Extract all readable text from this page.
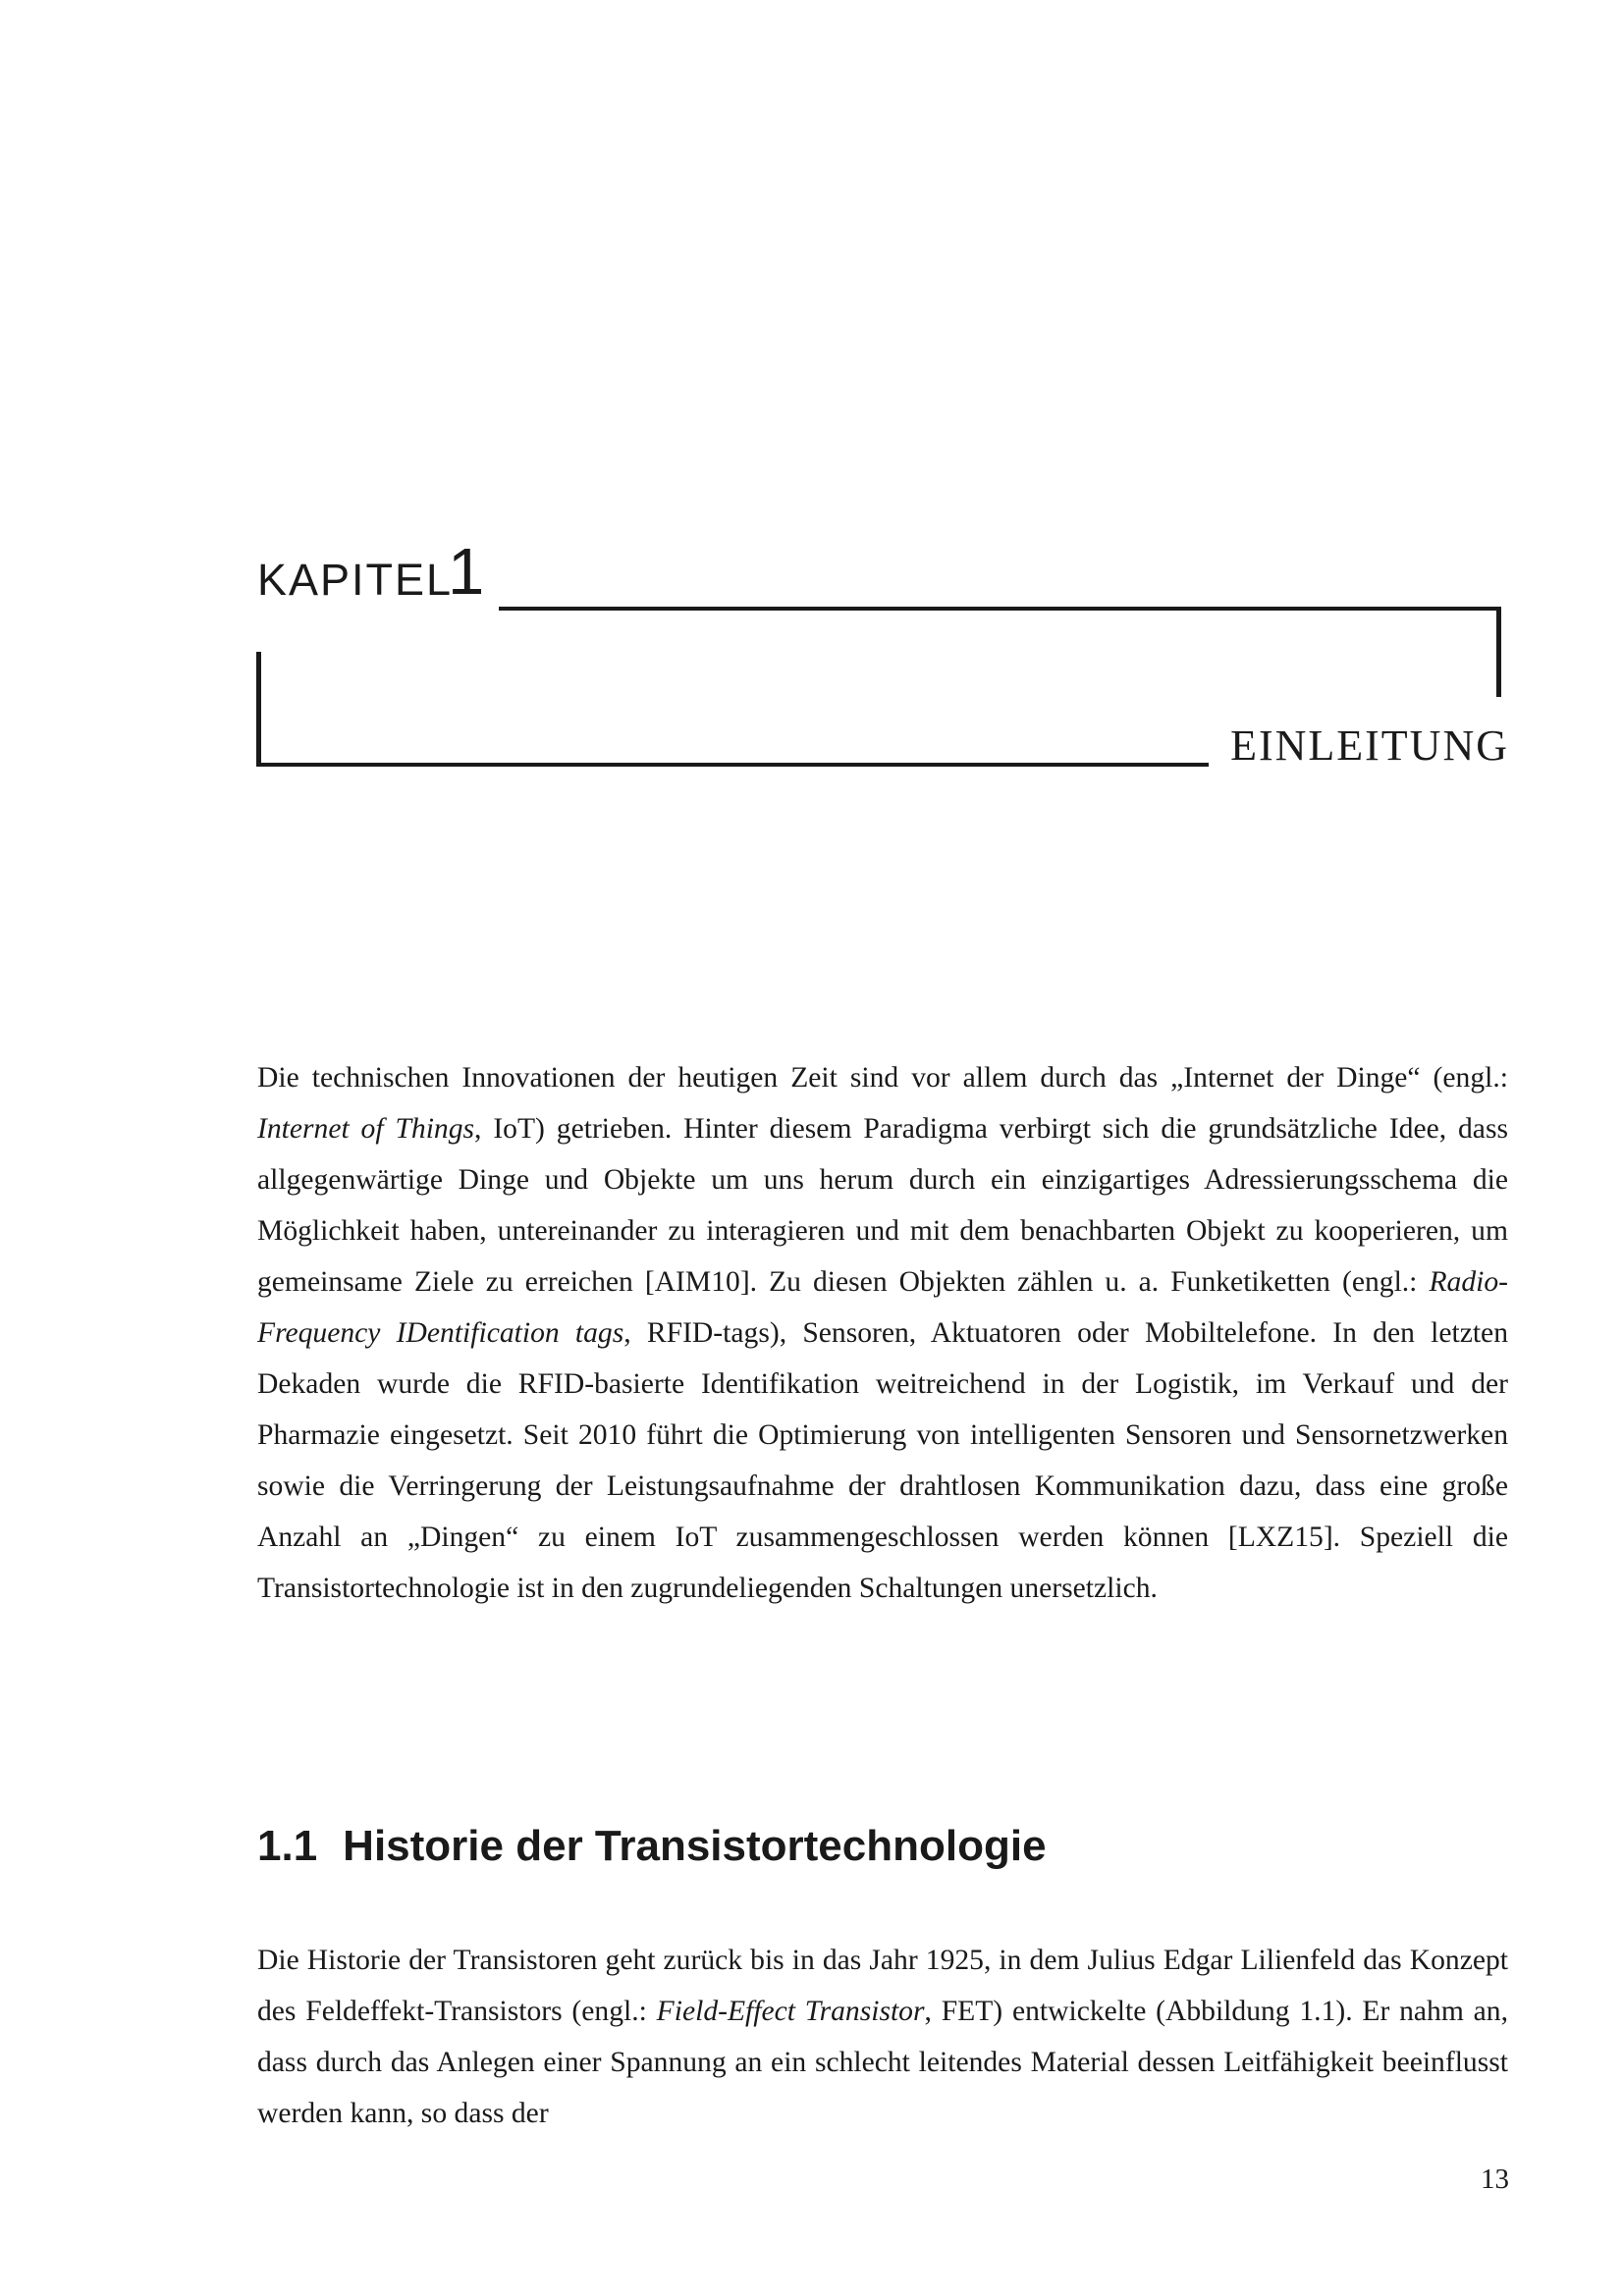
KAPITEL
1
EINLEITUNG

Die technischen Innovationen der heutigen Zeit sind vor allem durch das „Internet der Dinge“ (engl.: Internet of Things, IoT) getrieben. Hinter diesem Paradigma verbirgt sich die grundsätzliche Idee, dass allgegenwärtige Dinge und Objekte um uns herum durch ein einzigartiges Adressierungsschema die Möglichkeit haben, untereinander zu interagieren und mit dem benachbarten Objekt zu kooperieren, um gemeinsame Ziele zu erreichen [AIM10]. Zu diesen Objekten zählen u. a. Funketiketten (engl.: Radio-Frequency IDentification tags, RFID-tags), Sensoren, Aktuatoren oder Mobiltelefone. In den letzten Dekaden wurde die RFID-basierte Identifikation weitreichend in der Logistik, im Verkauf und der Pharmazie eingesetzt. Seit 2010 führt die Optimierung von intelligenten Sensoren und Sensornetzwerken sowie die Verringerung der Leistungsaufnahme der drahtlosen Kommunikation dazu, dass eine große Anzahl an „Dingen“ zu einem IoT zusammengeschlossen werden können [LXZ15]. Speziell die Transistortechnologie ist in den zugrundeliegenden Schaltungen unersetzlich.

1.1 Historie der Transistortechnologie

Die Historie der Transistoren geht zurück bis in das Jahr 1925, in dem Julius Edgar Lilienfeld das Konzept des Feldeffekt-Transistors (engl.: Field-Effect Transistor, FET) entwickelte (Abbildung 1.1). Er nahm an, dass durch das Anlegen einer Spannung an ein schlecht leitendes Material dessen Leitfähigkeit beeinflusst werden kann, so dass der

13
